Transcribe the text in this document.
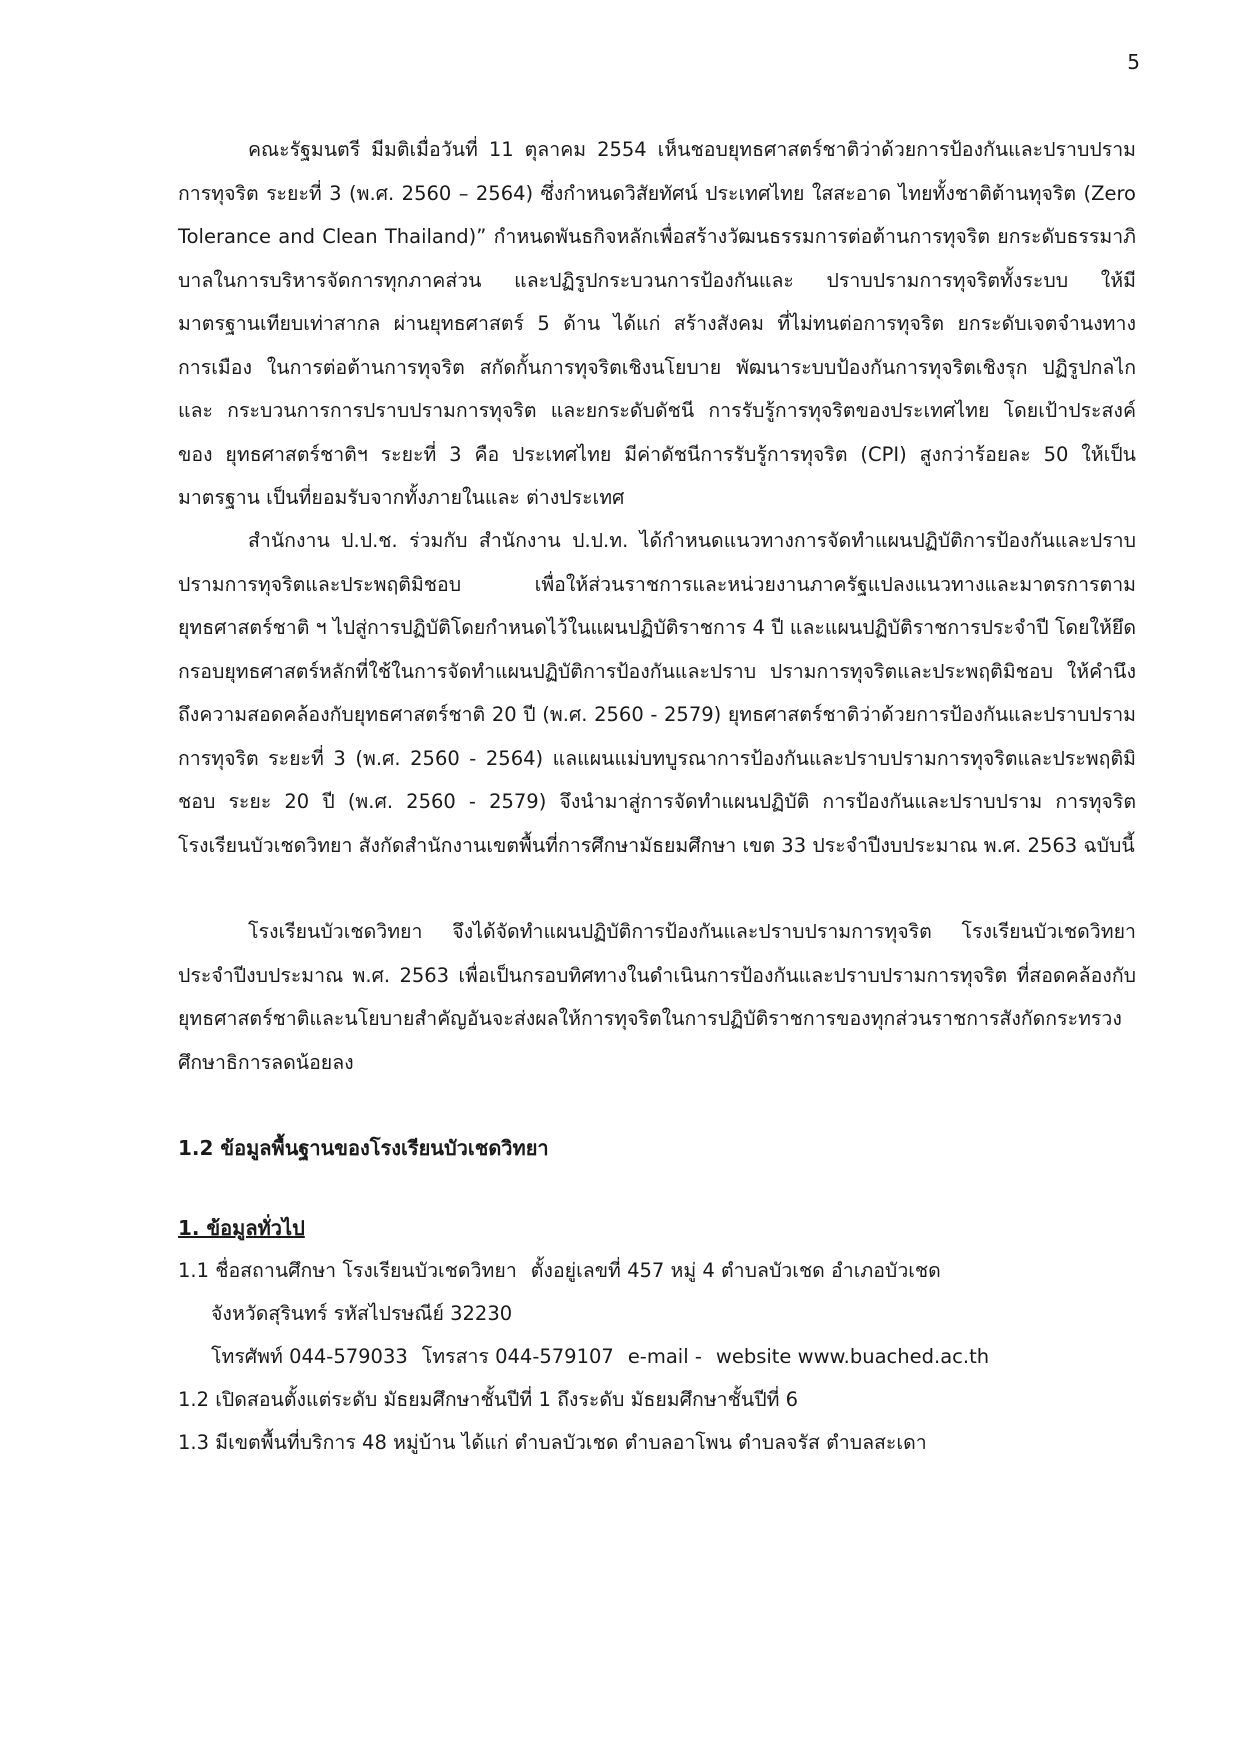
5

คณะรัฐมนตรี มีมติเมื่อวันที่ 11 ตุลาคม 2554 เห็นชอบยุทธศาสตร์ชาติว่าด้วยการป้องกันและปราบปรามการทุจริต ระยะที่ 3 (พ.ศ. 2560 – 2564) ซึ่งกำหนดวิสัยทัศน์ ประเทศไทย ใสสะอาด ไทยทั้งชาติต้านทุจริต (Zero Tolerance and Clean Thailand)” กำหนดพันธกิจหลักเพื่อสร้างวัฒนธรรมการต่อต้านการทุจริต ยกระดับธรรมาภิบาลในการบริหารจัดการทุกภาคส่วน และปฏิรูปกระบวนการป้องกันและ ปราบปรามการทุจริตทั้งระบบ ให้มี มาตรฐานเทียบเท่าสากล ผ่านยุทธศาสตร์ 5 ด้าน ได้แก่ สร้างสังคม ที่ไม่ทนต่อการทุจริต ยกระดับเจตจำนงทาง การเมือง ในการต่อต้านการทุจริต สกัดกั้นการทุจริตเชิงนโยบาย พัฒนาระบบป้องกันการทุจริตเชิงรุก ปฏิรูปกลไกและ กระบวนการการปราบปรามการทุจริต และยกระดับดัชนี การรับรู้การทุจริตของประเทศไทย โดยเป้าประสงค์ของ ยุทธศาสตร์ชาติฯ ระยะที่ 3 คือ ประเทศไทย มีค่าดัชนีการรับรู้การทุจริต (CPI) สูงกว่าร้อยละ 50 ให้เป็นมาตรฐาน เป็นที่ยอมรับจากทั้งภายในและ ต่างประเทศ

สำนักงาน ป.ป.ช. ร่วมกับ สำนักงาน ป.ป.ท. ได้กำหนดแนวทางการจัดทำแผนปฏิบัติการป้องกันและปราบปรามการทุจริตและประพฤติมิชอบ เพื่อให้ส่วนราชการและหน่วยงานภาครัฐแปลงแนวทางและมาตรการตามยุทธศาสตร์ชาติ ฯ ไปสู่การปฏิบัติโดยกำหนดไว้ในแผนปฏิบัติราชการ 4 ปี และแผนปฏิบัติราชการประจำปี โดยให้ยึดกรอบยุทธศาสตร์หลักที่ใช้ในการจัดทำแผนปฏิบัติการป้องกันและปราบ ปรามการทุจริตและประพฤติมิชอบ ให้คำนึงถึงความสอดคล้องกับยุทธศาสตร์ชาติ 20 ปี (พ.ศ. 2560 - 2579) ยุทธศาสตร์ชาติว่าด้วยการป้องกันและปราบปรามการทุจริต ระยะที่ 3 (พ.ศ. 2560 - 2564) แลแผนแม่บทบูรณาการป้องกันและปราบปรามการทุจริตและประพฤติมิชอบ ระยะ 20 ปี (พ.ศ. 2560 - 2579) จึงนำมาสู่การจัดทำแผนปฏิบัติ การป้องกันและปราบปราม การทุจริต โรงเรียนบัวเชดวิทยา สังกัดสำนักงานเขตพื้นที่การศึกษามัธยมศึกษา เขต 33 ประจำปีงบประมาณ พ.ศ. 2563 ฉบับนี้

โรงเรียนบัวเชดวิทยา จึงได้จัดทำแผนปฏิบัติการป้องกันและปราบปรามการทุจริต โรงเรียนบัวเชดวิทยา ประจำปีงบประมาณ พ.ศ. 2563 เพื่อเป็นกรอบทิศทางในดำเนินการป้องกันและปราบปรามการทุจริต ที่สอดคล้องกับยุทธศาสตร์ชาติและนโยบายสำคัญอันจะส่งผลให้การทุจริตในการปฏิบัติราชการของทุกส่วนราชการสังกัดกระทรวงศึกษาธิการลดน้อยลง

1.2 ข้อมูลพื้นฐานของโรงเรียนบัวเชดวิทยา
1. ข้อมูลทั่วไป
1.1 ชื่อสถานศึกษา โรงเรียนบัวเชดวิทยา ตั้งอยู่เลขที่ 457 หมู่ 4 ตำบลบัวเชด อำเภอบัวเชด
จังหวัดสุรินทร์ รหัสไปรษณีย์ 32230
โทรศัพท์ 044-579033 โทรสาร 044-579107 e-mail - website www.buached.ac.th
1.2 เปิดสอนตั้งแต่ระดับ มัธยมศึกษาชั้นปีที่ 1 ถึงระดับ มัธยมศึกษาชั้นปีที่ 6
1.3 มีเขตพื้นที่บริการ 48 หมู่บ้าน ได้แก่ ตำบลบัวเชด ตำบลอาโพน ตำบลจรัส ตำบลสะเดา
